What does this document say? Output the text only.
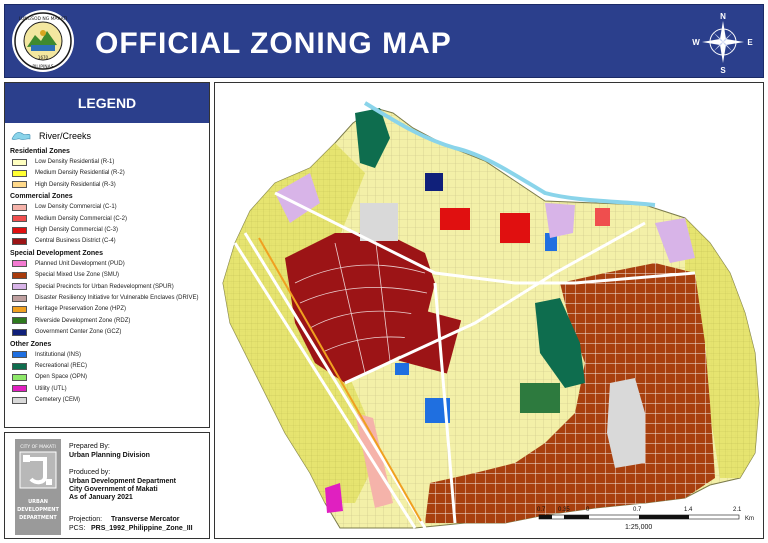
LUNGSOD NG MAKATI
PILIPINAS
1670 OFFICIAL ZONING MAP
N
S
W	E
LEGEND
River/Creeks
Residential Zones
Low Density Residential (R-1)
Medium Density Residential (R-2)
High Density Residential (R-3)
Commercial Zones
Low Density Commercial (C-1)
Medium Density Commercial (C-2)
High Density Commercial (C-3)
Central Business District (C-4)
Special Development Zones
Planned Unit Development (PUD)
Special Mixed Use Zone (SMU)
Special Precincts for Urban Redevelopment (SPUR)
Disaster Resiliency Initiative for Vulnerable Enclaves (DRIVE)
Heritage Preservation Zone (HPZ)
Riverside Development Zone (RDZ)
Government Center Zone (GCZ)
Other Zones
Institutional (INS)
Recreational (REC)
Open Space (OPN)
Utility (UTL)
Cemetery (CEM)
CITY OF MAKATI
URBAN
DEVELOPMENT
DEPARTMENT
Prepared By:
Urban Planning Division
Produced by:
Urban Development Department
City Government of Makati
As of January 2021
Projection: Transverse Mercator
PCS: PRS_1992_Philippine_Zone_III
0.7 0.35	0	0.7	1.4	2.1
Km
1:25,000
